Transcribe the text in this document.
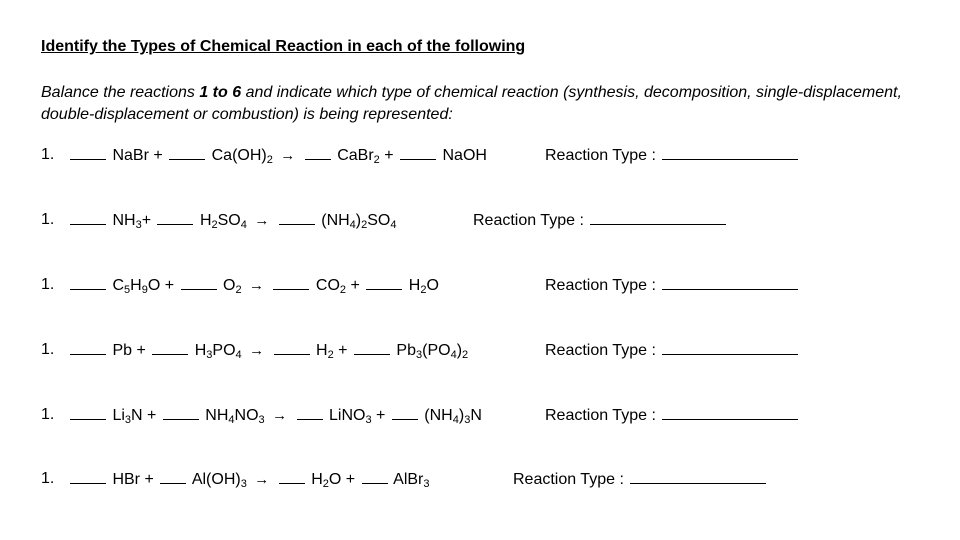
Identify the Types of Chemical Reaction in each of the following
Balance the reactions 1 to 6 and indicate which type of chemical reaction (synthesis, decomposition, single-displacement, double-displacement or combustion) is being represented:
1.	NaBr +	$Ca(OH)_2$ →	CaBr$_2$ +	NaOH	Reaction Type :
1.	$NH_3+$	$H_2SO_4$ →	$(NH_4)_2SO_4$	Reaction Type :
1.	$C_5H_9O$ +	$O_2$ →	$CO_2$ +	$H_2O$	Reaction Type :
1.	Pb +	$H_3PO_4$ →	$H_2$ +	$Pb_3(PO_4)_2$	Reaction Type :
1.	$Li_3N$ +	$NH_4NO_3$ →	LiNO$_3$ + $(NH_4)_3N$	Reaction Type :
1.	HBr + $Al(OH)_3$ →	$H_2O$ + AlBr$_3$	Reaction Type :
